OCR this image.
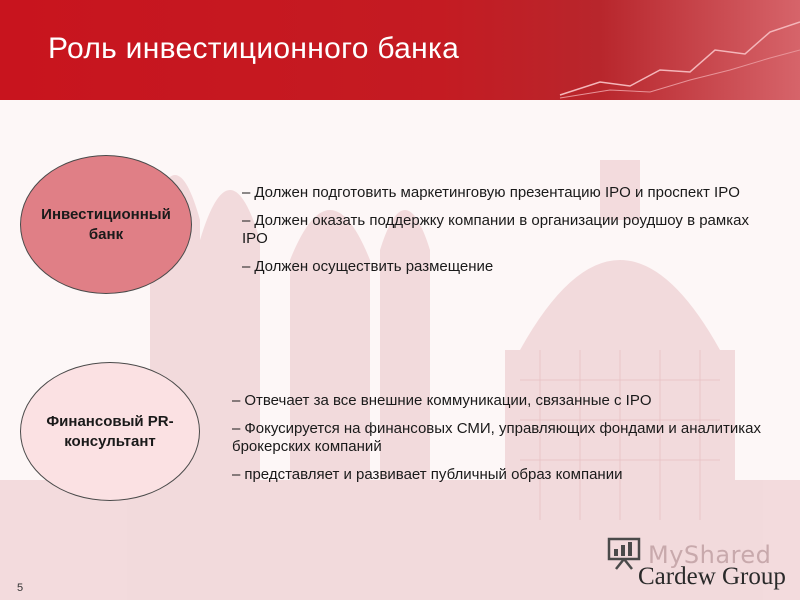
Роль инвестиционного банка
Инвестиционный
банк
– Должен подготовить маркетинговую презентацию IPO и проспект IPO
– Должен оказать поддержку компании в организации роудшоу в рамках IPO
– Должен осуществить размещение
Финансовый PR-
консультант
– Отвечает за все внешние коммуникации, связанные с IPO
– Фокусируется на финансовых СМИ, управляющих фондами и аналитиках брокерских компаний
– представляет и развивает публичный образ компании
MyShared
Cardew Group
5
